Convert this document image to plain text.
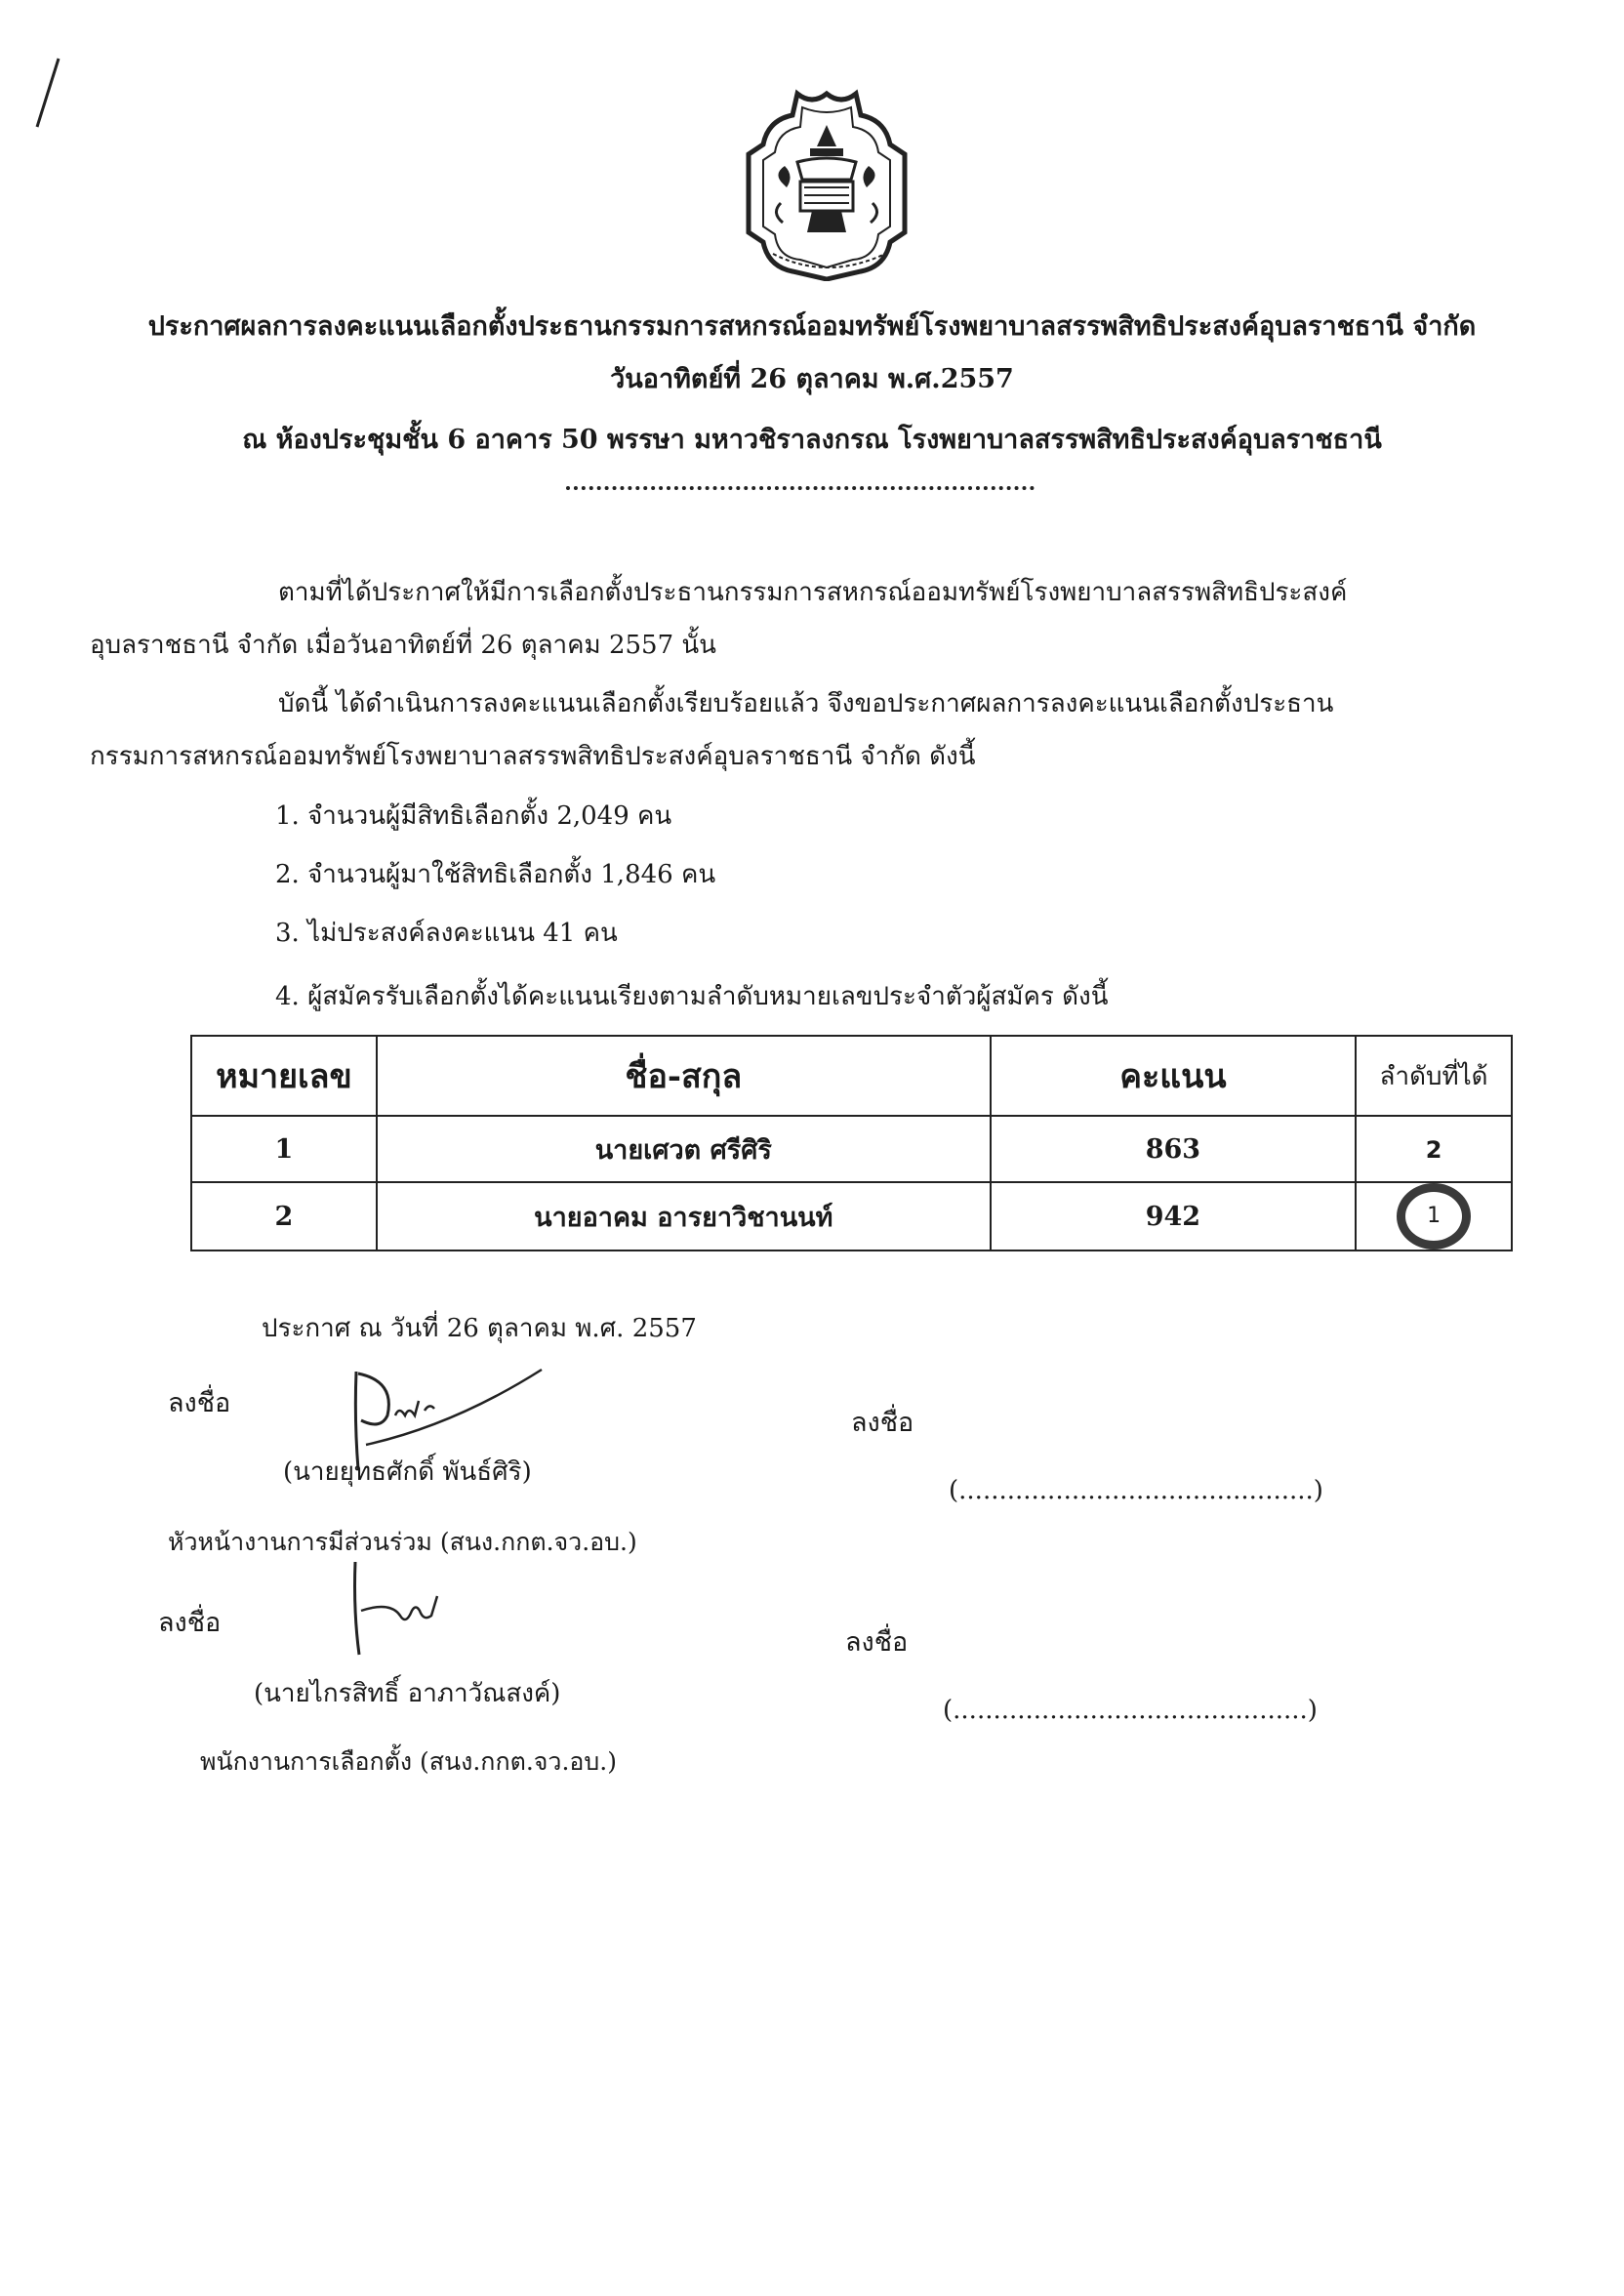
ประกาศผลการลงคะแนนเลือกตั้งประธานกรรมการสหกรณ์ออมทรัพย์โรงพยาบาลสรรพสิทธิประสงค์อุบลราชธานี จำกัด
วันอาทิตย์ที่ 26 ตุลาคม พ.ศ.2557
ณ ห้องประชุมชั้น 6 อาคาร 50 พรรษา มหาวชิราลงกรณ โรงพยาบาลสรรพสิทธิประสงค์อุบลราชธานี
ตามที่ได้ประกาศให้มีการเลือกตั้งประธานกรรมการสหกรณ์ออมทรัพย์โรงพยาบาลสรรพสิทธิประสงค์
อุบลราชธานี จำกัด เมื่อวันอาทิตย์ที่ 26 ตุลาคม 2557 นั้น
บัดนี้ ได้ดำเนินการลงคะแนนเลือกตั้งเรียบร้อยแล้ว จึงขอประกาศผลการลงคะแนนเลือกตั้งประธาน
กรรมการสหกรณ์ออมทรัพย์โรงพยาบาลสรรพสิทธิประสงค์อุบลราชธานี จำกัด ดังนี้
1. จำนวนผู้มีสิทธิเลือกตั้ง 2,049 คน
2. จำนวนผู้มาใช้สิทธิเลือกตั้ง 1,846 คน
3. ไม่ประสงค์ลงคะแนน 41 คน
4. ผู้สมัครรับเลือกตั้งได้คะแนนเรียงตามลำดับหมายเลขประจำตัวผู้สมัคร ดังนี้
หมายเลข	ชื่อ-สกุล	คะแนน	ลำดับที่ได้
1	นายเศวต ศรีศิริ	863	2
2	นายอาคม อารยาวิชานนท์	942	1
ประกาศ ณ วันที่ 26 ตุลาคม พ.ศ. 2557
ลงชื่อ
(นายยุทธศักดิ์ พันธ์ศิริ)
หัวหน้างานการมีส่วนร่วม (สนง.กกต.จว.อบ.)
ลงชื่อ
(นายไกรสิทธิ์ อาภาวัณสงค์)
พนักงานการเลือกตั้ง (สนง.กกต.จว.อบ.)
ลงชื่อ
(............................................)
ลงชื่อ
(............................................)
